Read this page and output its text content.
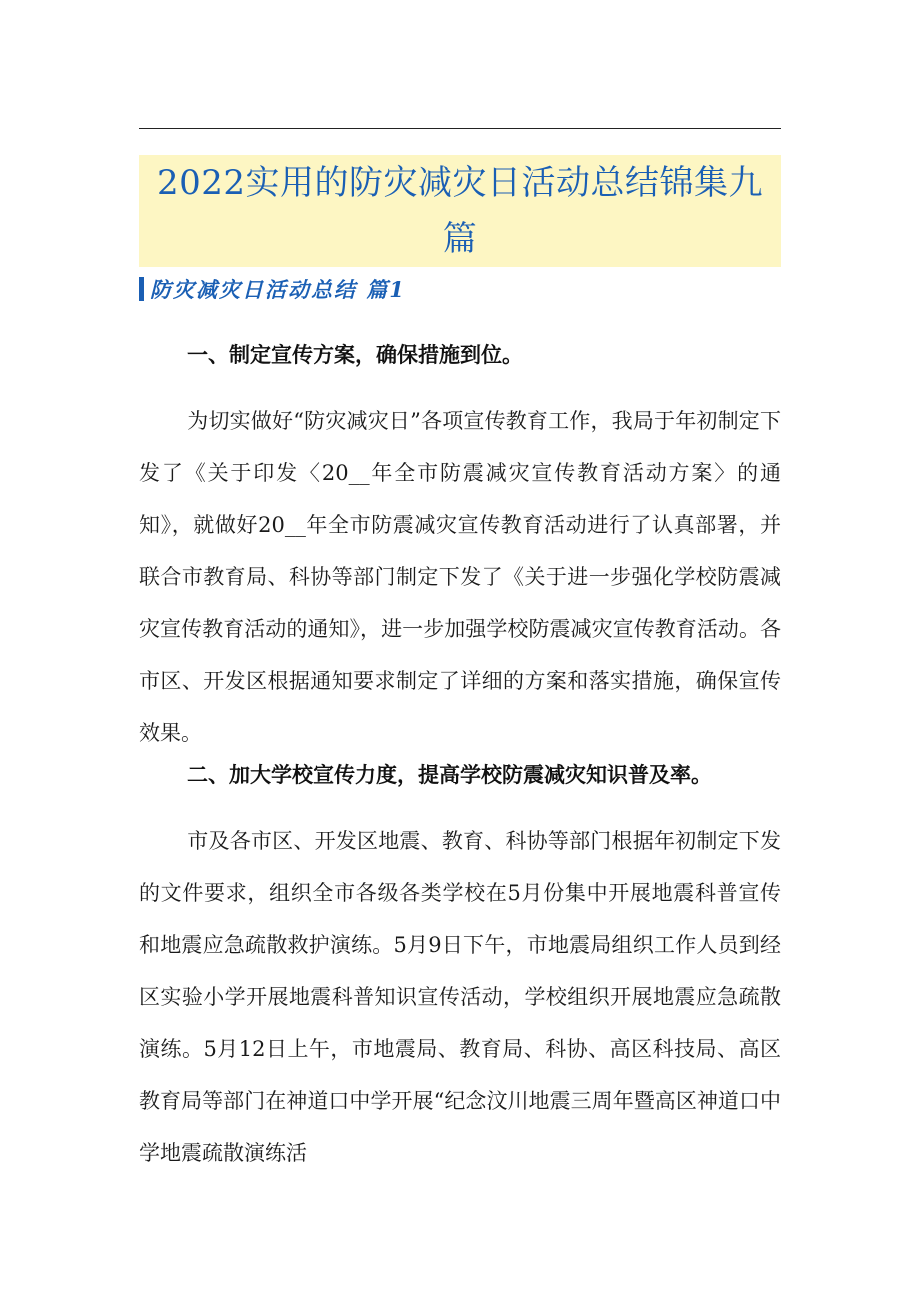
2022实用的防灾减灾日活动总结锦集九篇
防灾减灾日活动总结 篇1
一、制定宣传方案，确保措施到位。
为切实做好“防灾减灾日”各项宣传教育工作，我局于年初制定下发了《关于印发〈20__年全市防震减灾宣传教育活动方案〉的通知》，就做好20__年全市防震减灾宣传教育活动进行了认真部署，并联合市教育局、科协等部门制定下发了《关于进一步强化学校防震减灾宣传教育活动的通知》，进一步加强学校防震减灾宣传教育活动。各市区、开发区根据通知要求制定了详细的方案和落实措施，确保宣传效果。
二、加大学校宣传力度，提高学校防震减灾知识普及率。
市及各市区、开发区地震、教育、科协等部门根据年初制定下发的文件要求，组织全市各级各类学校在5月份集中开展地震科普宣传和地震应急疏散救护演练。5月9日下午，市地震局组织工作人员到经区实验小学开展地震科普知识宣传活动，学校组织开展地震应急疏散演练。5月12日上午，市地震局、教育局、科协、高区科技局、高区教育局等部门在神道口中学开展“纪念汶川地震三周年暨高区神道口中学地震疏散演练活
